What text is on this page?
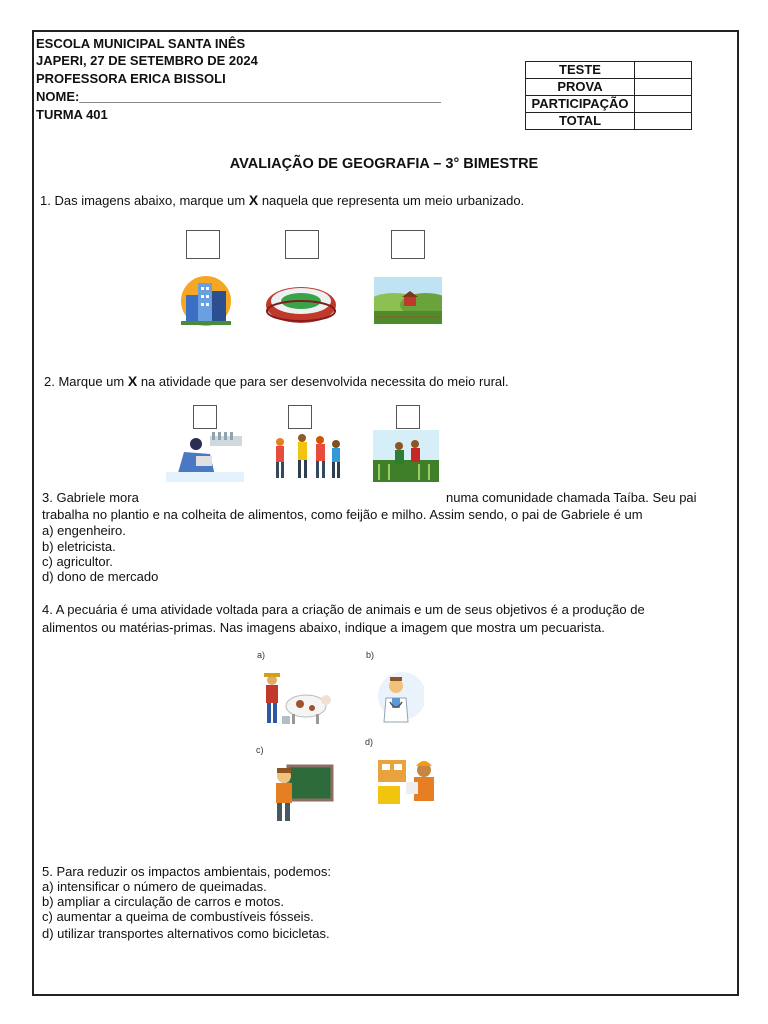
ESCOLA MUNICIPAL SANTA INÊS
JAPERI, 27 DE SETEMBRO DE 2024
PROFESSORA ERICA BISSOLI
NOME:__________________________________________________
TURMA 401
TESTE	
PROVA	
PARTICIPAÇÃO	
TOTAL	
AVALIAÇÃO DE GEOGRAFIA – 3° BIMESTRE
1. Das imagens abaixo, marque um X naquela que representa um meio urbanizado.
2. Marque um X na atividade que para ser desenvolvida necessita do meio rural.
3. Gabriele mora	numa comunidade chamada Taíba. Seu pai
trabalha no plantio e na colheita de alimentos, como feijão e milho. Assim sendo, o pai de Gabriele é um
a) engenheiro.
b) eletricista.
c) agricultor.
d) dono de mercado
4. A pecuária é uma atividade voltada para a criação de animais e um de seus objetivos é a produção de
alimentos ou matérias-primas. Nas imagens abaixo, indique a imagem que mostra um pecuarista.
a)	b)
c)
d)
5. Para reduzir os impactos ambientais, podemos:
a) intensificar o número de queimadas.
b) ampliar a circulação de carros e motos.
c) aumentar a queima de combustíveis fósseis.
d) utilizar transportes alternativos como bicicletas.
